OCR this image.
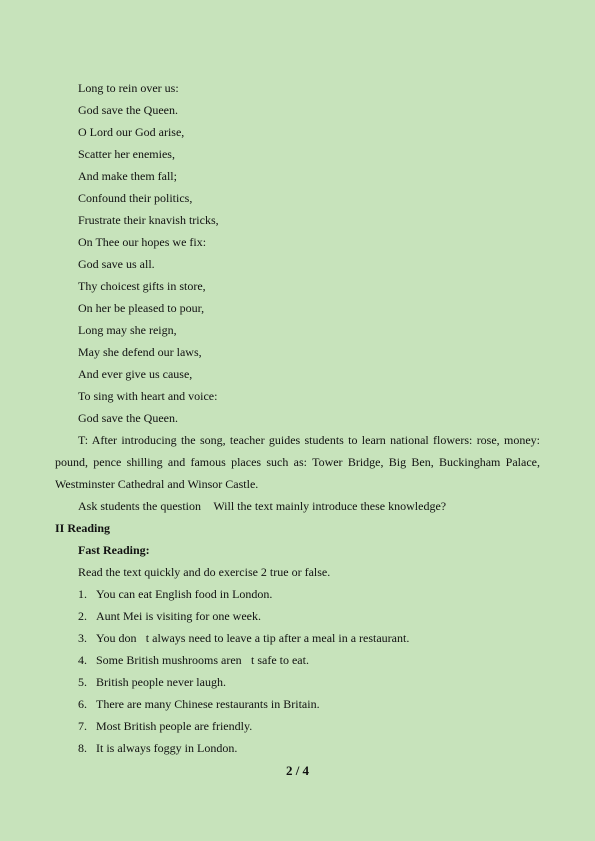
Long to rein over us:
God save the Queen.
O Lord our God arise,
Scatter her enemies,
And make them fall;
Confound their politics,
Frustrate their knavish tricks,
On Thee our hopes we fix:
God save us all.
Thy choicest gifts in store,
On her be pleased to pour,
Long may she reign,
May she defend our laws,
And ever give us cause,
To sing with heart and voice:
God save the Queen.
T: After introducing the song, teacher guides students to learn national flowers: rose, money:
pound, pence shilling and famous places such as: Tower Bridge, Big Ben, Buckingham Palace,
Westminster Cathedral and Winsor Castle.
Ask students the question  Will the text mainly introduce these knowledge? 
II Reading
Fast Reading:
Read the text quickly and do exercise 2 true or false.
1. You can eat English food in London.
2. Aunt Mei is visiting for one week.
3. You don t always need to leave a tip after a meal in a restaurant.
4. Some British mushrooms aren t safe to eat.
5. British people never laugh.
6. There are many Chinese restaurants in Britain.
7. Most British people are friendly.
8. It is always foggy in London.
2 / 4
